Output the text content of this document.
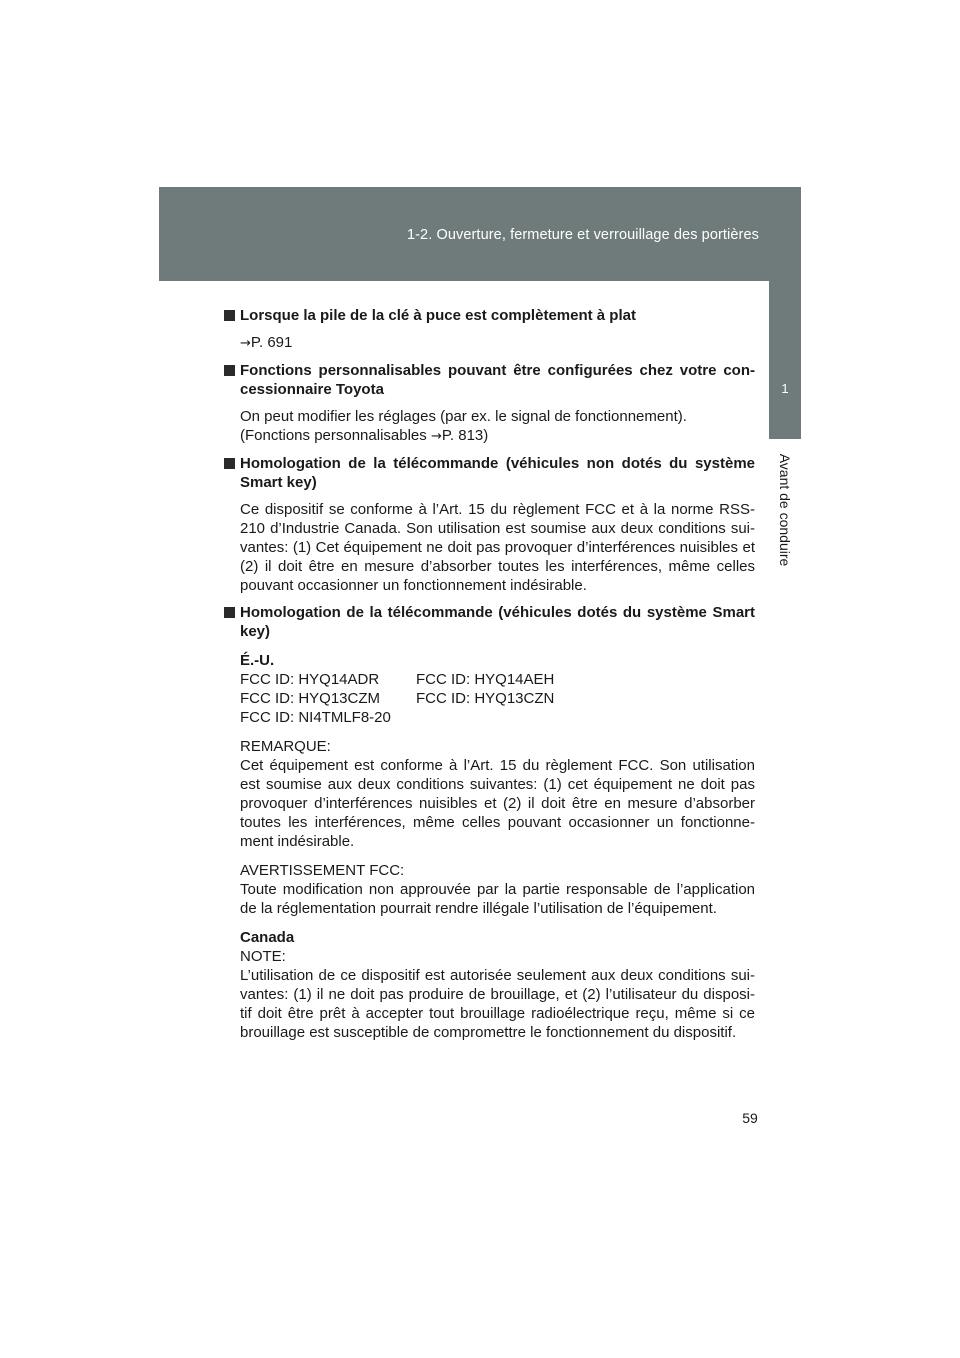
1-2. Ouverture, fermeture et verrouillage des portières
1
Avant de conduire
Lorsque la pile de la clé à puce est complètement à plat

→P. 691

Fonctions personnalisables pouvant être configurées chez votre con-cessionnaire Toyota

On peut modifier les réglages (par ex. le signal de fonctionnement).
(Fonctions personnalisables →P. 813)

Homologation de la télécommande (véhicules non dotés du système Smart key)

Ce dispositif se conforme à l’Art. 15 du règlement FCC et à la norme RSS-210 d’Industrie Canada. Son utilisation est soumise aux deux conditions sui-vantes: (1) Cet équipement ne doit pas provoquer d’interférences nuisibles et (2) il doit être en mesure d’absorber toutes les interférences, même celles pouvant occasionner un fonctionnement indésirable.

Homologation de la télécommande (véhicules dotés du système Smart key)

É.-U.

FCC ID: HYQ14ADR	FCC ID: HYQ14AEH
FCC ID: HYQ13CZM	FCC ID: HYQ13CZN
FCC ID: NI4TMLF8-20

REMARQUE:
Cet équipement est conforme à l’Art. 15 du règlement FCC. Son utilisation est soumise aux deux conditions suivantes: (1) cet équipement ne doit pas provoquer d’interférences nuisibles et (2) il doit être en mesure d’absorber toutes les interférences, même celles pouvant occasionner un fonctionne-ment indésirable.

AVERTISSEMENT FCC:
Toute modification non approuvée par la partie responsable de l’application de la réglementation pourrait rendre illégale l’utilisation de l’équipement.

Canada
NOTE:
L’utilisation de ce dispositif est autorisée seulement aux deux conditions sui-vantes: (1) il ne doit pas produire de brouillage, et (2) l’utilisateur du disposi-tif doit être prêt à accepter tout brouillage radioélectrique reçu, même si ce brouillage est susceptible de compromettre le fonctionnement du dispositif.

59
